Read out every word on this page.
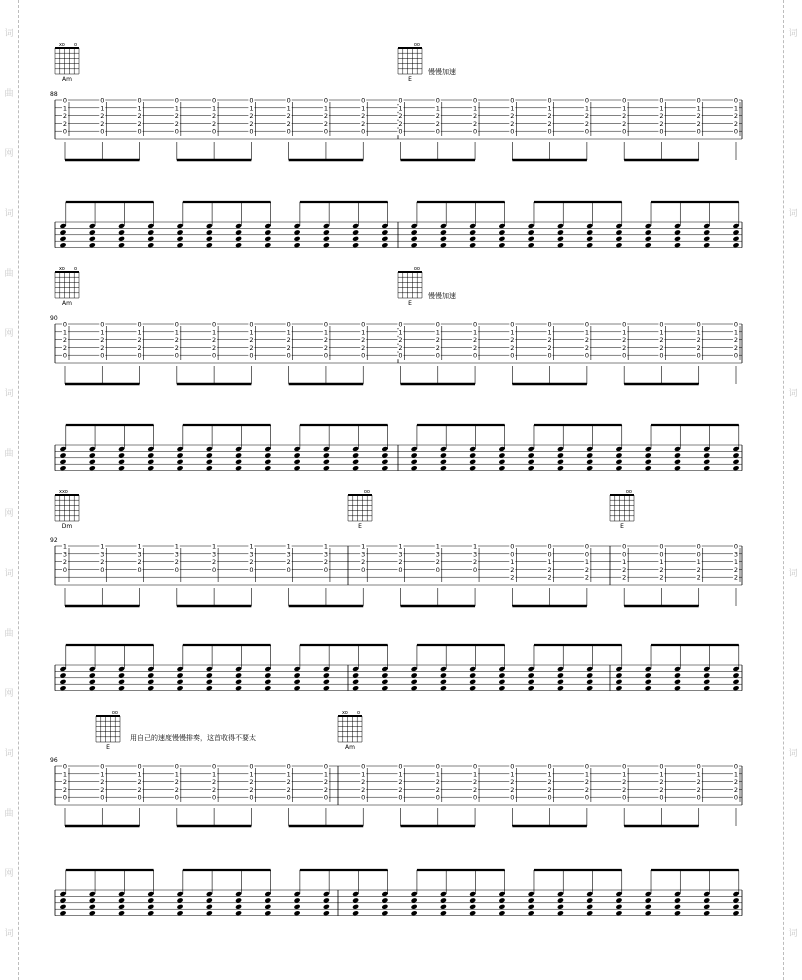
xo o
Am
oo
E
慢慢加速
88
0
1
2
2
0
0
1
2
2
0
0
1
2
2
0
0
1
2
2
0
0
1
2
2
0
0
1
2
2
0
0
1
2
2
0
0
1
2
2
0
0
1
2
2
0
0
1
2
2
0
0
1
2
2
0
0
1
2
2
0
0
1
2
2
0
0
1
2
2
0
0
1
2
2
0
0
1
2
2
0
0
1
2
2
0
0
1
2
2
0
0
1
2
2
0
xo o
Am
oo
E
慢慢加速
90
0
1
2
2
0
0
1
2
2
0
0
1
2
2
0
0
1
2
2
0
0
1
2
2
0
0
1
2
2
0
0
1
2
2
0
0
1
2
2
0
0
1
2
2
0
0
1
2
2
0
0
1
2
2
0
0
1
2
2
0
0
1
2
2
0
0
1
2
2
0
0
1
2
2
0
0
1
2
2
0
0
1
2
2
0
0
1
2
2
0
0
1
2
2
0
xxo
Dm
oo
E
oo
E
92
1
3
2
0
1
3
2
0
1
3
2
0
1
3
2
0
1
3
2
0
1
3
2
0
1
3
2
0
1
3
2
0
1
3
2
0
1
3
2
0
1
3
2
0
1
3
2
0
0
0
1
2
2
0
0
1
2
2
0
0
1
2
2
0
0
1
2
2
0
0
1
2
2
0
0
1
2
2
0
3
1
2
2
oo
E
xo o
Am
用自己的速度慢慢排奏，这首收得不要太
96
0
1
2
2
0
0
1
2
2
0
0
1
2
2
0
0
1
2
2
0
0
1
2
2
0
0
1
2
2
0
0
1
2
2
0
0
1
2
2
0
0
1
2
2
0
0
1
2
2
0
0
1
2
2
0
0
1
2
2
0
0
1
2
2
0
0
1
2
2
0
0
1
2
2
0
0
1
2
2
0
0
1
2
2
0
0
1
2
2
0
0
1
2
2
0
词
曲
网
词
曲
网
词
曲
网
词
曲
网
词
曲
网
词
词
词
词
词
词
词
